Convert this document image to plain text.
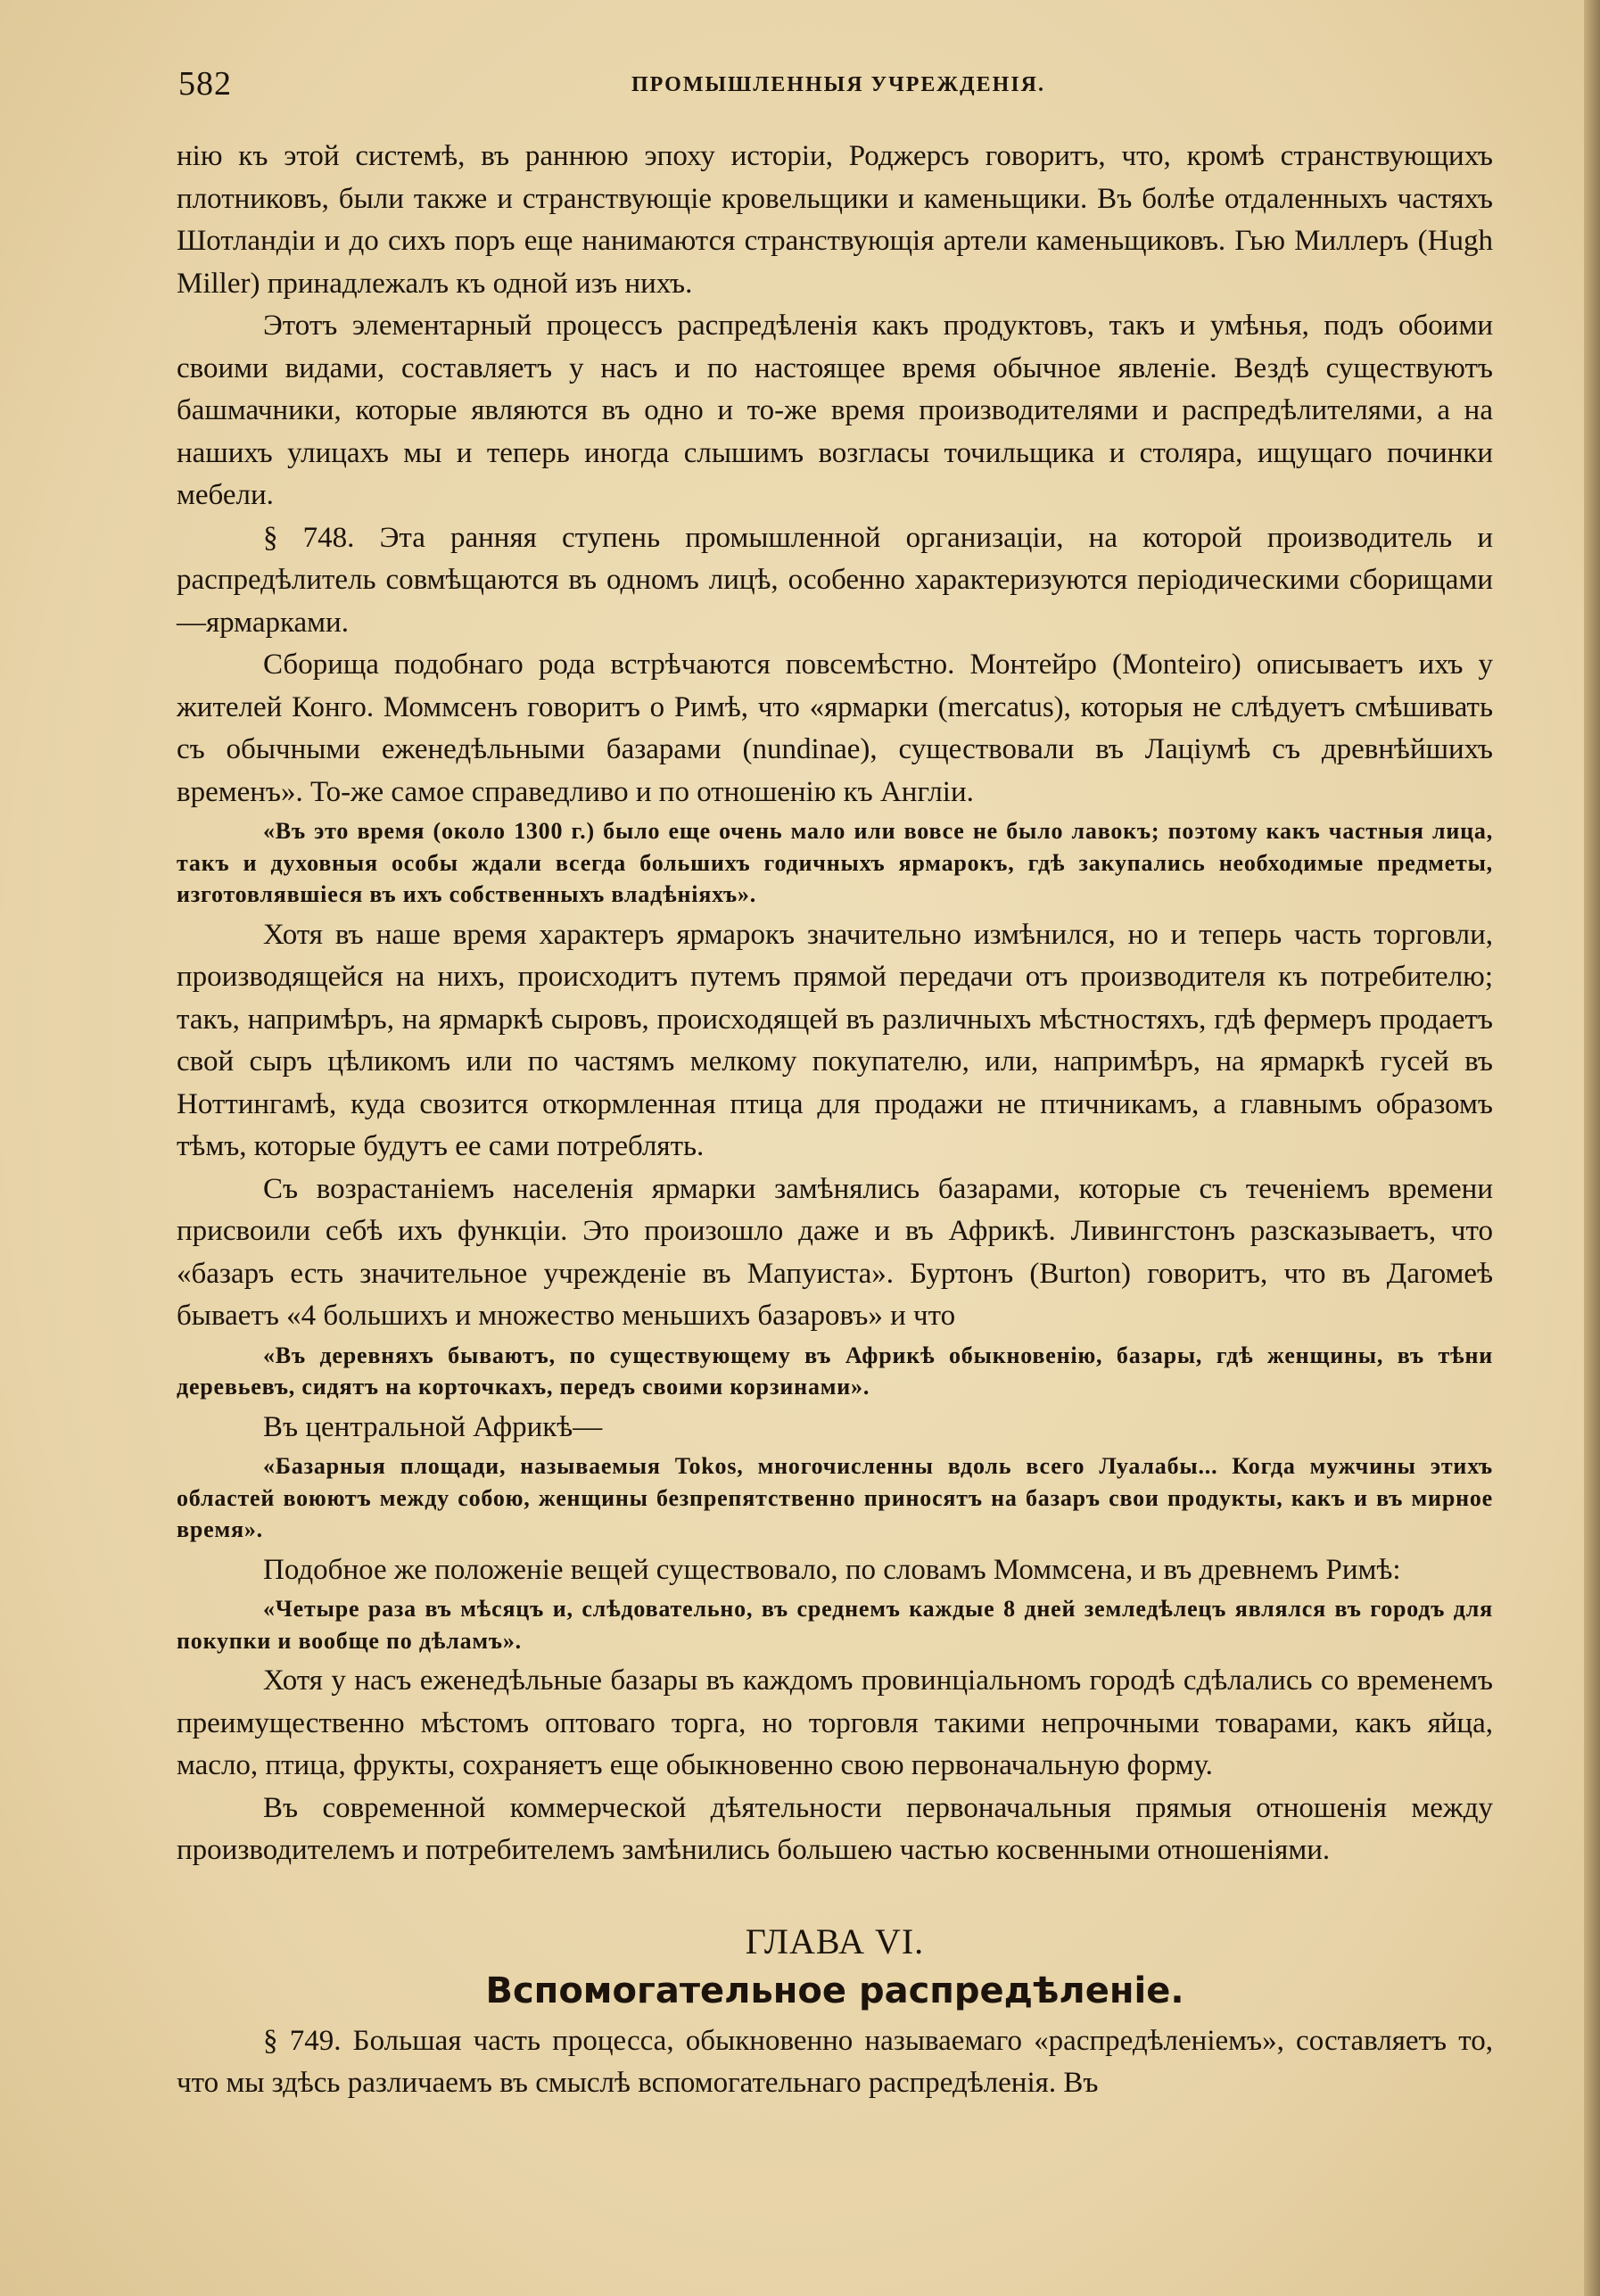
582	ПРОМЫШЛЕННЫЯ УЧРЕЖДЕНІЯ.

нію къ этой системѣ, въ раннюю эпоху исторіи, Роджерсъ говоритъ, что, кромѣ странствующихъ плотниковъ, были также и странствующіе кровельщики и каменьщики. Въ болѣе отдаленныхъ частяхъ Шотландіи и до сихъ поръ еще нанимаются странствующія артели каменьщиковъ. Гью Миллеръ (Hugh Miller) принадлежалъ къ одной изъ нихъ.

Этотъ элементарный процессъ распредѣленія какъ продуктовъ, такъ и умѣнья, подъ обоими своими видами, составляетъ у насъ и по настоящее время обычное явленіе. Вездѣ существуютъ башмачники, которые являются въ одно и то-же время производителями и распредѣлителями, а на нашихъ улицахъ мы и теперь иногда слышимъ возгласы точильщика и столяра, ищущаго починки мебели.

§ 748. Эта ранняя ступень промышленной организаціи, на которой производитель и распредѣлитель совмѣщаются въ одномъ лицѣ, особенно характеризуются періодическими сборищами—ярмарками.

Сборища подобнаго рода встрѣчаются повсемѣстно. Монтейро (Monteiro) описываетъ ихъ у жителей Конго. Моммсенъ говоритъ о Римѣ, что «ярмарки (mercatus), которыя не слѣдуетъ смѣшивать съ обычными еженедѣльными базарами (nundinae), существовали въ Лаціумѣ съ древнѣйшихъ временъ». То-же самое справедливо и по отношенію къ Англіи.

«Въ это время (около 1300 г.) было еще очень мало или вовсе не было лавокъ; поэтому какъ частныя лица, такъ и духовныя особы ждали всегда большихъ годичныхъ ярмарокъ, гдѣ закупались необходимые предметы, изготовлявшіеся въ ихъ собственныхъ владѣніяхъ».

Хотя въ наше время характеръ ярмарокъ значительно измѣнился, но и теперь часть торговли, производящейся на нихъ, происходитъ путемъ прямой передачи отъ производителя къ потребителю; такъ, напримѣръ, на ярмаркѣ сыровъ, происходящей въ различныхъ мѣстностяхъ, гдѣ фермеръ продаетъ свой сыръ цѣликомъ или по частямъ мелкому покупателю, или, напримѣръ, на ярмаркѣ гусей въ Ноттингамѣ, куда свозится откормленная птица для продажи не птичникамъ, а главнымъ образомъ тѣмъ, которые будутъ ее сами потреблять.

Съ возрастаніемъ населенія ярмарки замѣнялись базарами, которые съ теченіемъ времени присвоили себѣ ихъ функціи. Это произошло даже и въ Африкѣ. Ливингстонъ разсказываетъ, что «базаръ есть значительное учрежденіе въ Мапуиста». Буртонъ (Burton) говоритъ, что въ Дагомеѣ бываетъ «4 большихъ и множество меньшихъ базаровъ» и что

«Въ деревняхъ бываютъ, по существующему въ Африкѣ обыкновенію, базары, гдѣ женщины, въ тѣни деревьевъ, сидятъ на корточкахъ, передъ своими корзинами».

Въ центральной Африкѣ—

«Базарныя площади, называемыя Tokos, многочисленны вдоль всего Луалабы... Когда мужчины этихъ областей воюютъ между собою, женщины безпрепятственно приносятъ на базаръ свои продукты, какъ и въ мирное время».

Подобное же положеніе вещей существовало, по словамъ Моммсена, и въ древнемъ Римѣ:

«Четыре раза въ мѣсяцъ и, слѣдовательно, въ среднемъ каждые 8 дней земледѣлецъ являлся въ городъ для покупки и вообще по дѣламъ».

Хотя у насъ еженедѣльные базары въ каждомъ провинціальномъ городѣ сдѣлались со временемъ преимущественно мѣстомъ оптоваго торга, но торговля такими непрочными товарами, какъ яйца, масло, птица, фрукты, сохраняетъ еще обыкновенно свою первоначальную форму.

Въ современной коммерческой дѣятельности первоначальныя прямыя отношенія между производителемъ и потребителемъ замѣнились большею частью косвенными отношеніями.

ГЛАВА VI.
Вспомогательное распредѣленіе.

§ 749. Большая часть процесса, обыкновенно называемаго «распредѣленіемъ», составляетъ то, что мы здѣсь различаемъ въ смыслѣ вспомогательнаго распредѣленія. Въ
